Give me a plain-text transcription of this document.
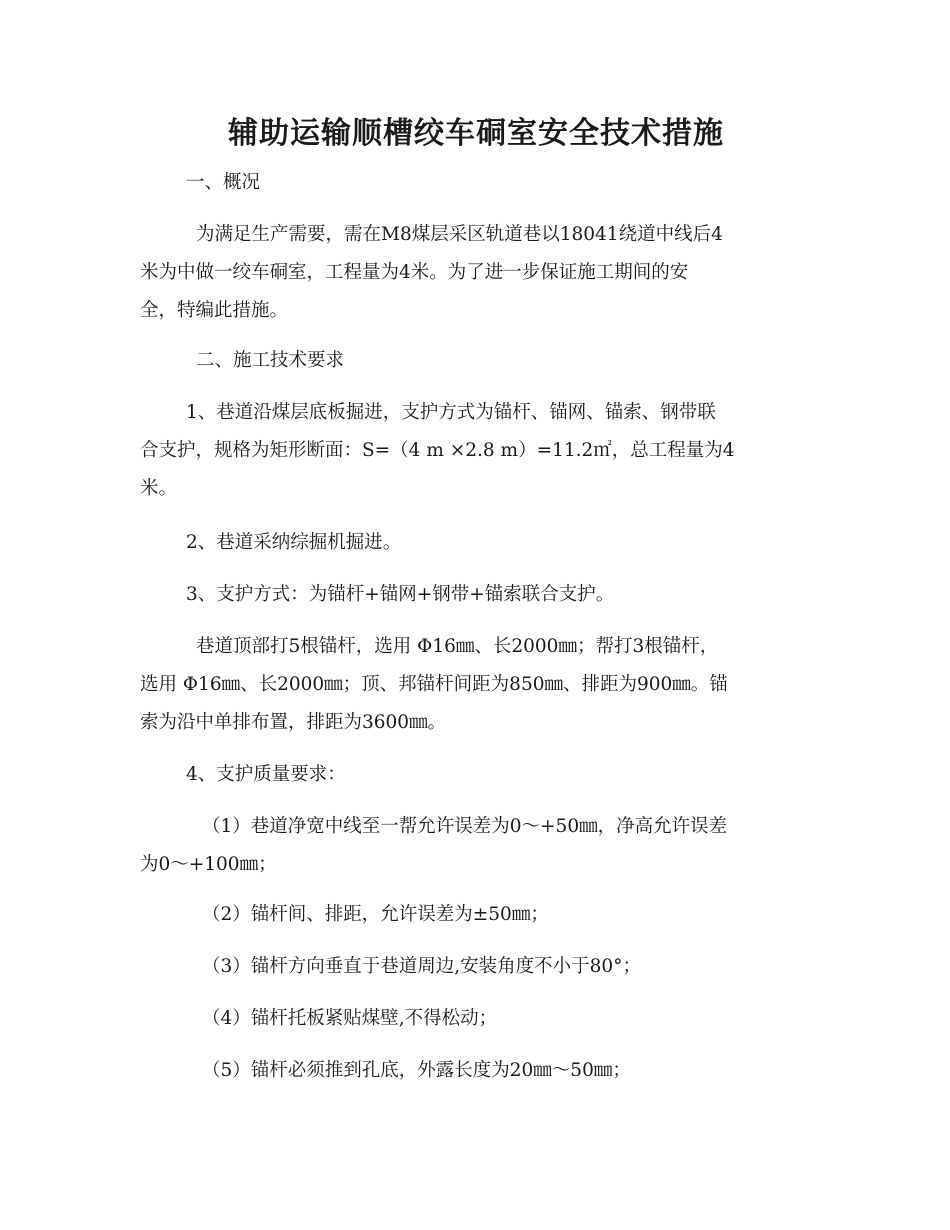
辅助运输顺槽绞车硐室安全技术措施
一、概况
为满足生产需要，需在M8煤层采区轨道巷以18041绕道中线后4
米为中做一绞车硐室，工程量为4米。为了进一步保证施工期间的安
全，特编此措施。
二、施工技术要求
1、巷道沿煤层底板掘进，支护方式为锚杆、锚网、锚索、钢带联
合支护，规格为矩形断面：S=（4 m ×2.8 m）=11.2㎡，总工程量为4
米。
2、巷道采纳综掘机掘进。
3、支护方式：为锚杆+锚网+钢带+锚索联合支护。
巷道顶部打5根锚杆，选用 Φ16㎜、长2000㎜；帮打3根锚杆，
选用 Φ16㎜、长2000㎜；顶、邦锚杆间距为850㎜、排距为900㎜。锚
索为沿中单排布置，排距为3600㎜。
4、支护质量要求：
（1）巷道净宽中线至一帮允许误差为0～+50㎜，净高允许误差
为0～+100㎜；
（2）锚杆间、排距，允许误差为±50㎜；
（3）锚杆方向垂直于巷道周边,安装角度不小于80°；
（4）锚杆托板紧贴煤壁,不得松动；
（5）锚杆必须推到孔底，外露长度为20㎜～50㎜；
